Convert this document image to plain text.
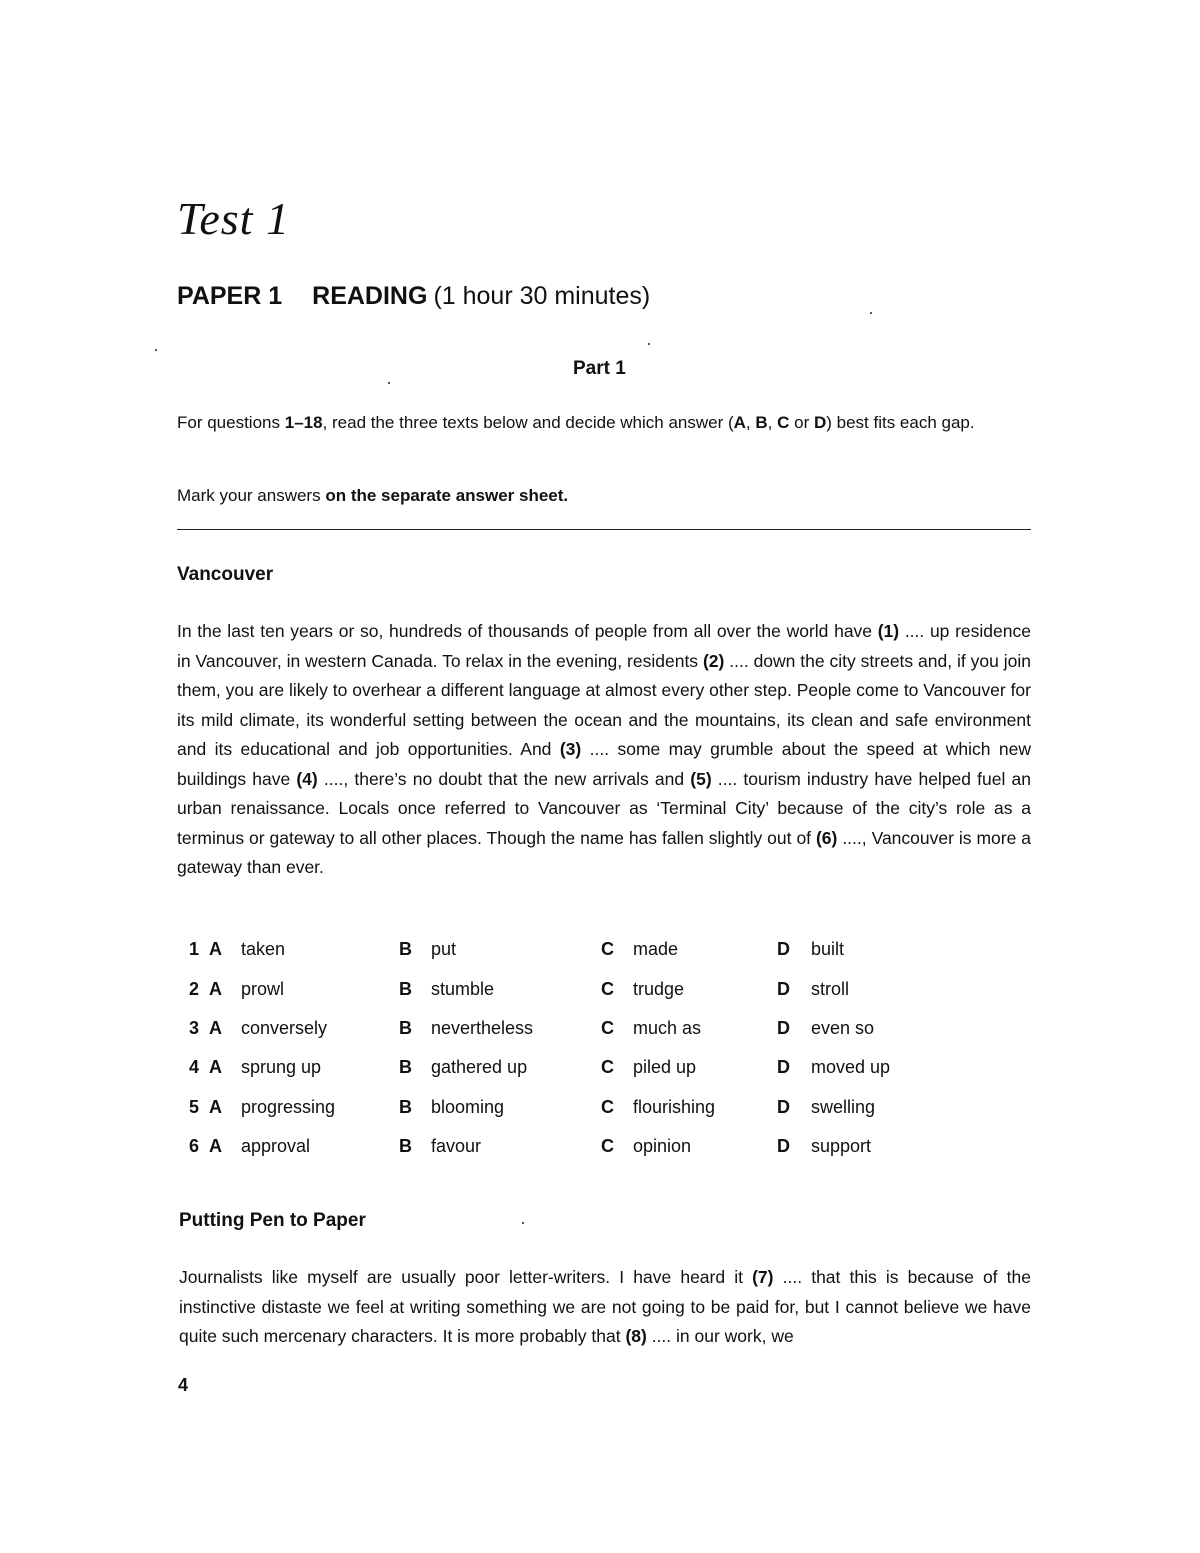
Test 1
PAPER 1 READING (1 hour 30 minutes)
Part 1

For questions 1–18, read the three texts below and decide which answer (A, B, C or D) best fits each gap.

Mark your answers on the separate answer sheet.

Vancouver

In the last ten years or so, hundreds of thousands of people from all over the world have (1) .... up residence in Vancouver, in western Canada. To relax in the evening, residents (2) .... down the city streets and, if you join them, you are likely to overhear a different language at almost every other step. People come to Vancouver for its mild climate, its wonderful setting between the ocean and the mountains, its clean and safe environment and its educational and job opportunities. And (3) .... some may grumble about the speed at which new buildings have (4) ...., there’s no doubt that the new arrivals and (5) .... tourism industry have helped fuel an urban renaissance. Locals once referred to Vancouver as ‘Terminal City’ because of the city’s role as a terminus or gateway to all other places. Though the name has fallen slightly out of (6) ...., Vancouver is more a gateway than ever.

1	A	taken	B	put	C	made	D	built
2	A	prowl	B	stumble	C	trudge	D	stroll
3	A	conversely	B	nevertheless	C	much as	D	even so
4	A	sprung up	B	gathered up	C	piled up	D	moved up
5	A	progressing	B	blooming	C	flourishing	D	swelling
6	A	approval	B	favour	C	opinion	D	support
Putting Pen to Paper

Journalists like myself are usually poor letter-writers. I have heard it (7) .... that this is because of the instinctive distaste we feel at writing something we are not going to be paid for, but I cannot believe we have quite such mercenary characters. It is more probably that (8) .... in our work, we

4
